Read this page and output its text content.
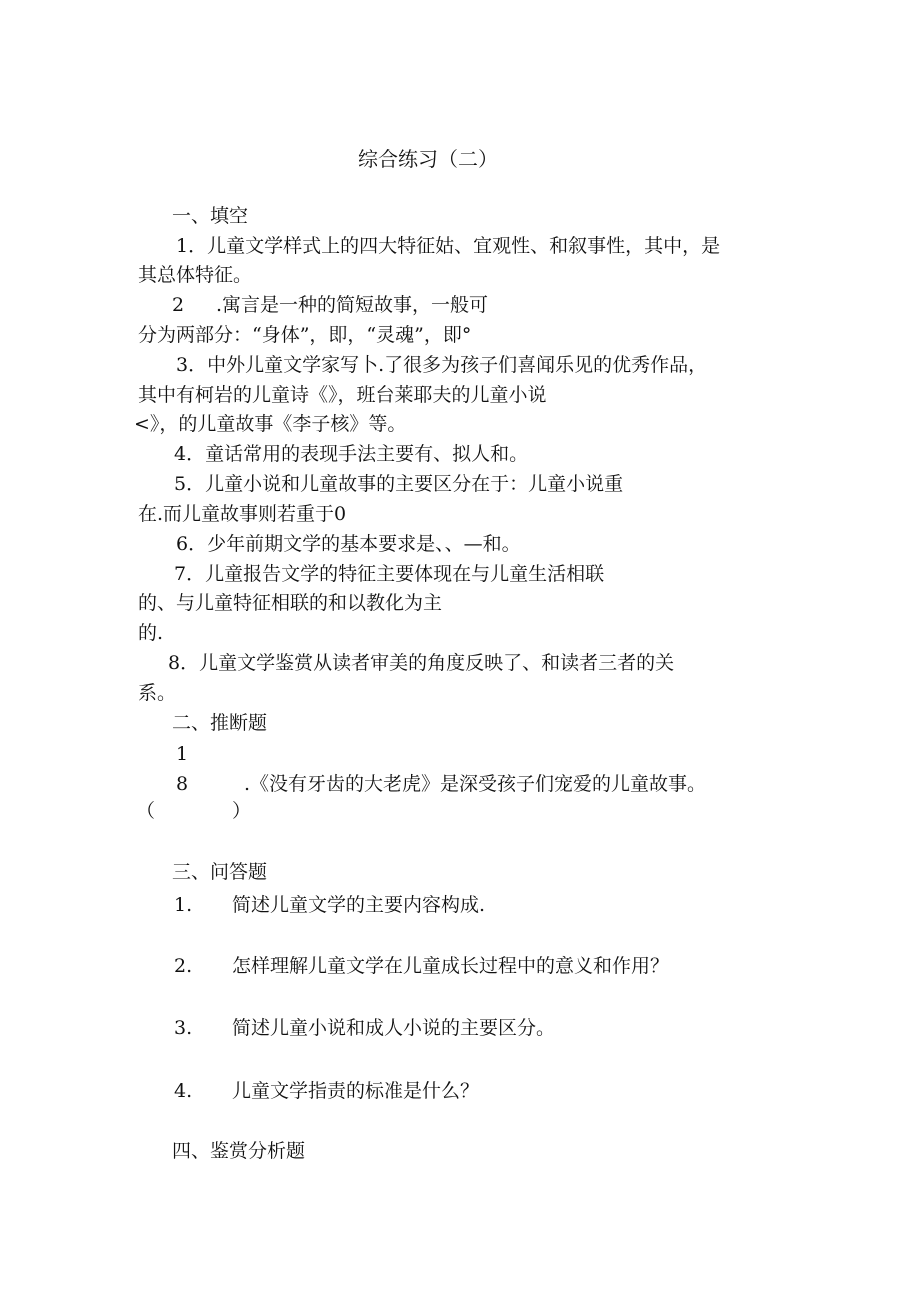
综合练习（二）
一、填空
1．儿童文学样式上的四大特征姑、宜观性、和叙事性，其中，是
其总体特征。
2 .寓言是一种的简短故事，一般可
分为两部分：“身体”，即，“灵魂”，即°
3．中外儿童文学家写卜.了很多为孩子们喜闻乐见的优秀作品，
其中有柯岩的儿童诗《》，班台莱耶夫的儿童小说
<》，的儿童故事《李子核》等。
4．童话常用的表现手法主要有、拟人和。
5．儿童小说和儿童故事的主要区分在于：儿童小说重
在.而儿童故事则若重于0
6．少年前期文学的基本要求是、、—和。
7．儿童报告文学的特征主要体现在与儿童生活相联
的、与儿童特征相联的和以教化为主
的.
8．儿童文学鉴赏从读者审美的角度反映了、和读者三者的关
系。
二、推断题
1
8	.《没有牙齿的大老虎》是深受孩子们宠爱的儿童故事。
（	）
三、问答题
1. 简述儿童文学的主要内容构成.
2. 怎样理解儿童文学在儿童成长过程中的意义和作用？
3. 简述儿童小说和成人小说的主要区分。
4. 儿童文学指责的标准是什么？
四、鉴赏分析题
